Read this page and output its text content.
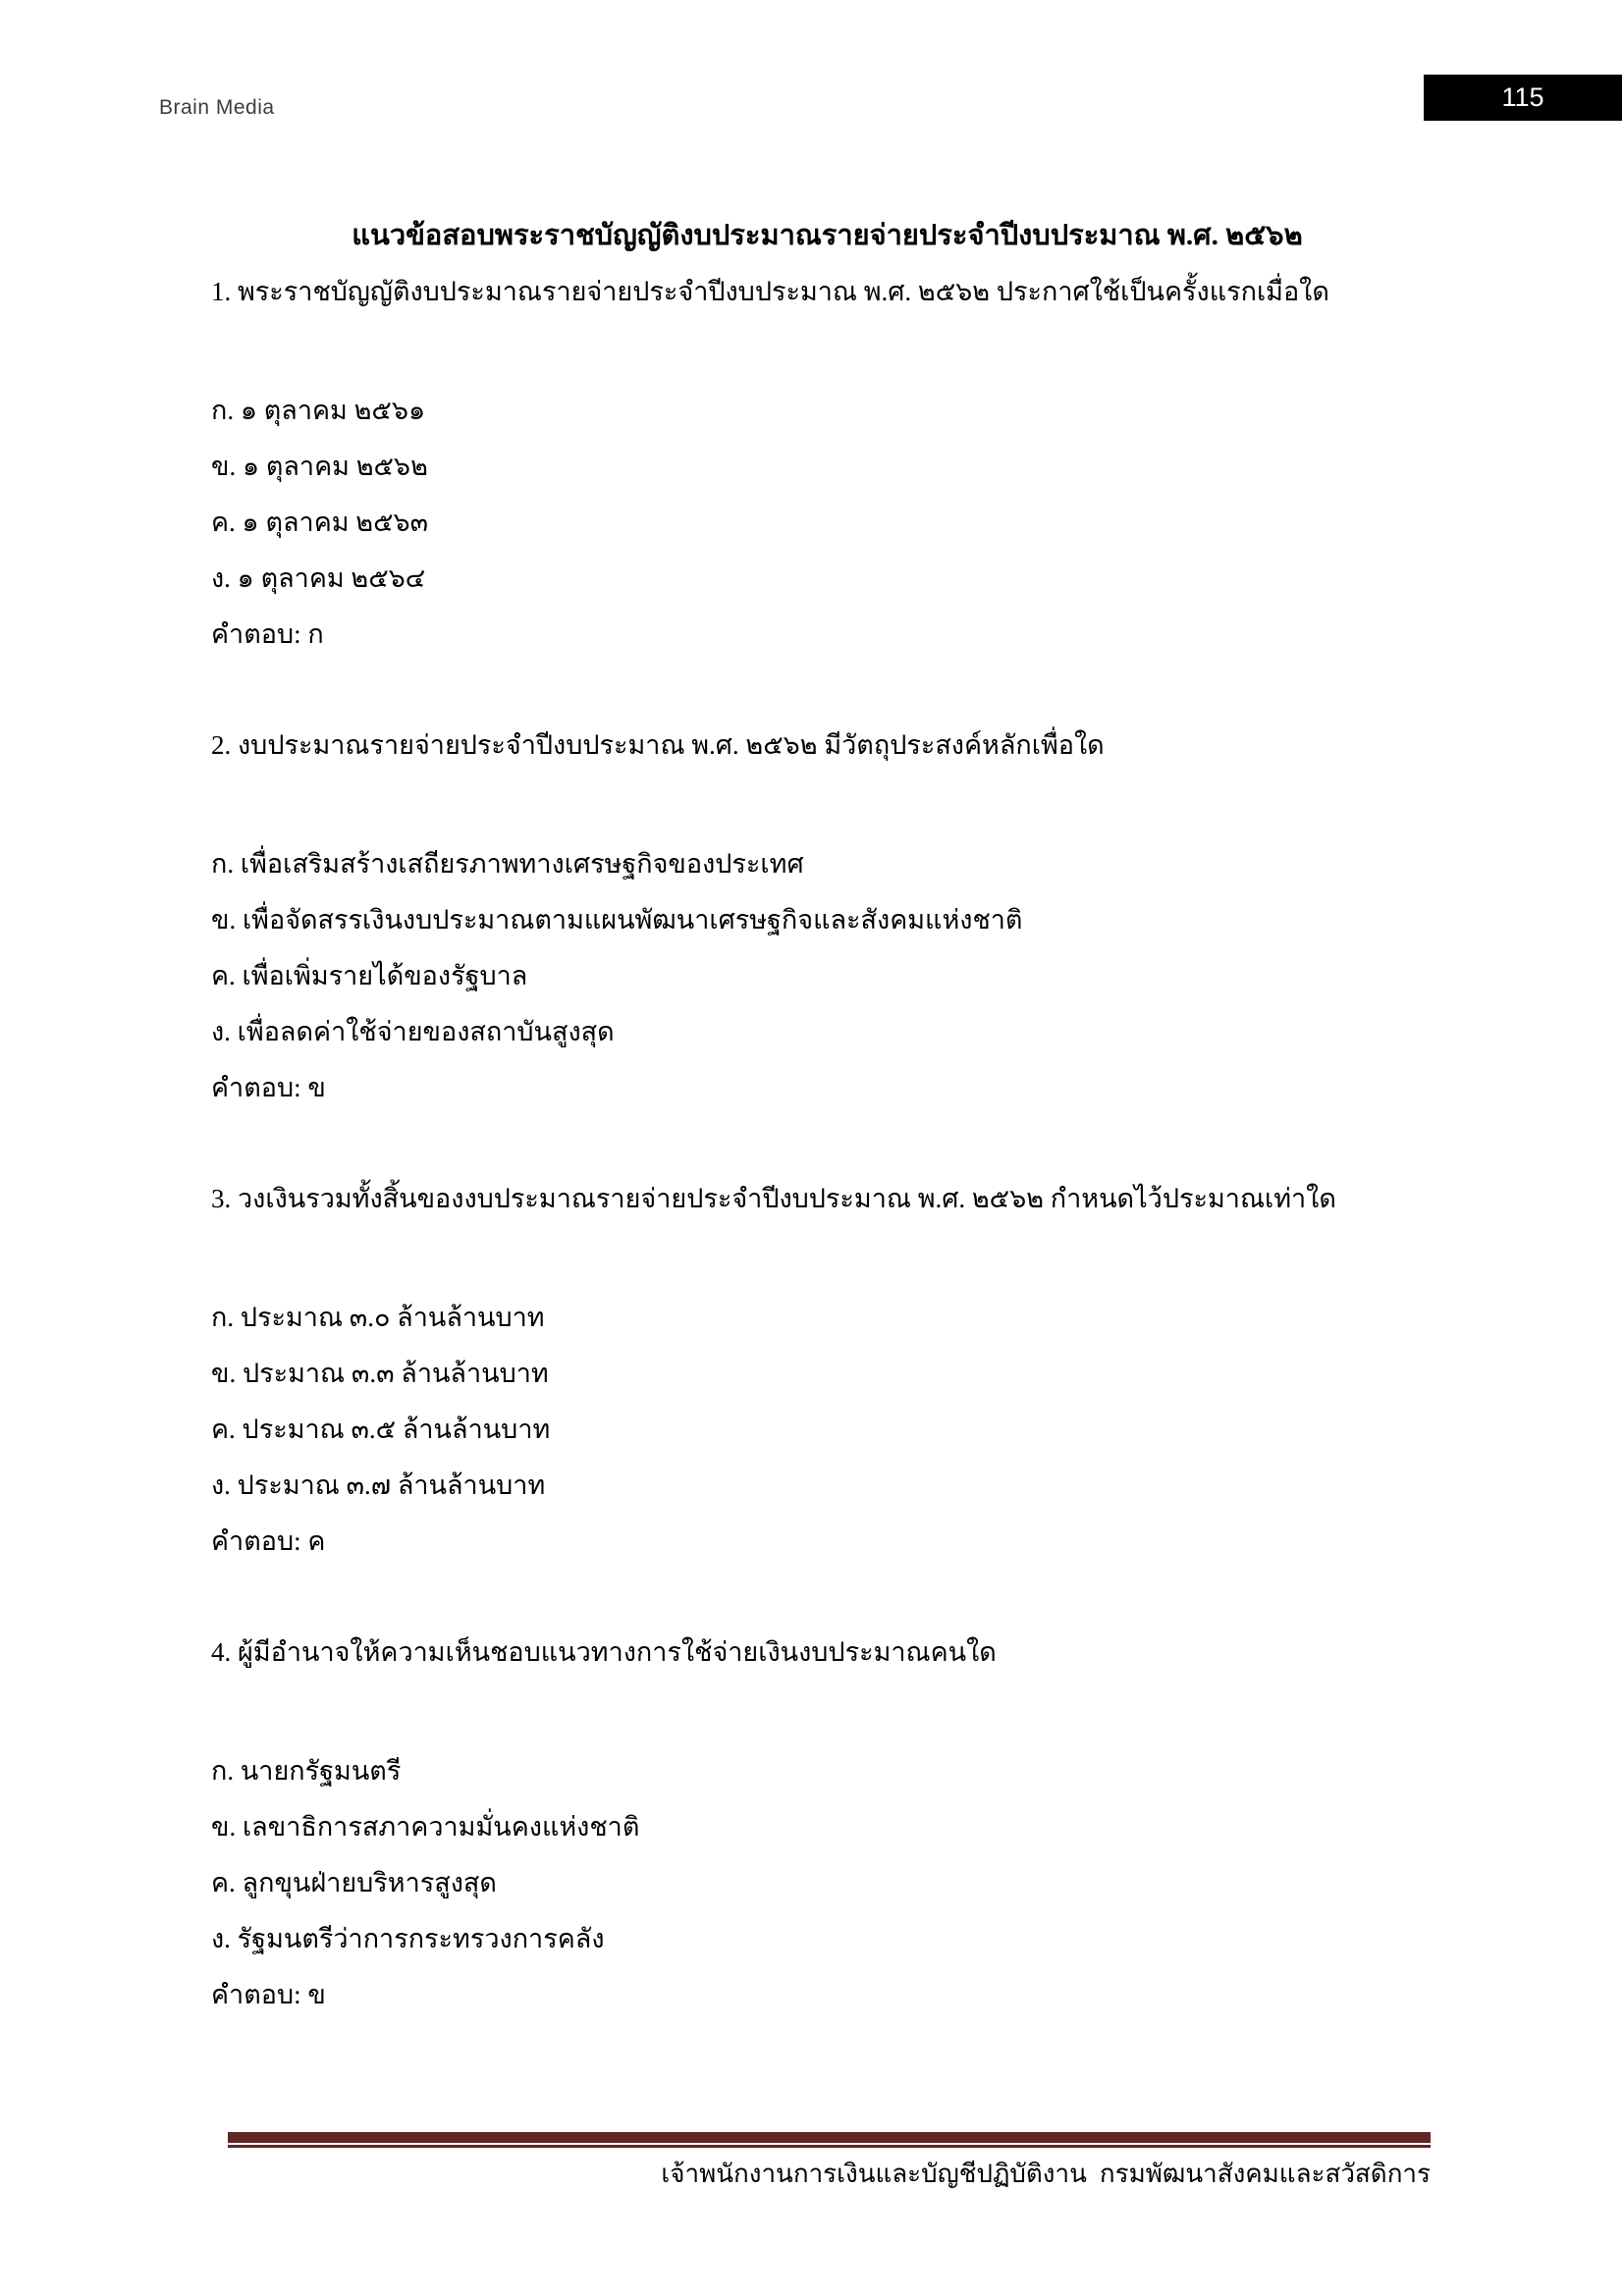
Brain Media	115
แนวข้อสอบพระราชบัญญัติงบประมาณรายจ่ายประจำปีงบประมาณ พ.ศ. ๒๕๖๒
1. พระราชบัญญัติงบประมาณรายจ่ายประจำปีงบประมาณ พ.ศ. ๒๕๖๒ ประกาศใช้เป็นครั้งแรกเมื่อใด
ก. ๑ ตุลาคม ๒๕๖๑
ข. ๑ ตุลาคม ๒๕๖๒
ค. ๑ ตุลาคม ๒๕๖๓
ง. ๑ ตุลาคม ๒๕๖๔
คำตอบ: ก
2. งบประมาณรายจ่ายประจำปีงบประมาณ พ.ศ. ๒๕๖๒ มีวัตถุประสงค์หลักเพื่อใด
ก. เพื่อเสริมสร้างเสถียรภาพทางเศรษฐกิจของประเทศ
ข. เพื่อจัดสรรเงินงบประมาณตามแผนพัฒนาเศรษฐกิจและสังคมแห่งชาติ
ค. เพื่อเพิ่มรายได้ของรัฐบาล
ง. เพื่อลดค่าใช้จ่ายของสถาบันสูงสุด
คำตอบ: ข
3. วงเงินรวมทั้งสิ้นของงบประมาณรายจ่ายประจำปีงบประมาณ พ.ศ. ๒๕๖๒ กำหนดไว้ประมาณเท่าใด
ก. ประมาณ ๓.๐ ล้านล้านบาท
ข. ประมาณ ๓.๓ ล้านล้านบาท
ค. ประมาณ ๓.๕ ล้านล้านบาท
ง. ประมาณ ๓.๗ ล้านล้านบาท
คำตอบ: ค
4. ผู้มีอำนาจให้ความเห็นชอบแนวทางการใช้จ่ายเงินงบประมาณคนใด
ก. นายกรัฐมนตรี
ข. เลขาธิการสภาความมั่นคงแห่งชาติ
ค. ลูกขุนฝ่ายบริหารสูงสุด
ง. รัฐมนตรีว่าการกระทรวงการคลัง
คำตอบ: ข
เจ้าพนักงานการเงินและบัญชีปฏิบัติงาน  กรมพัฒนาสังคมและสวัสดิการ
